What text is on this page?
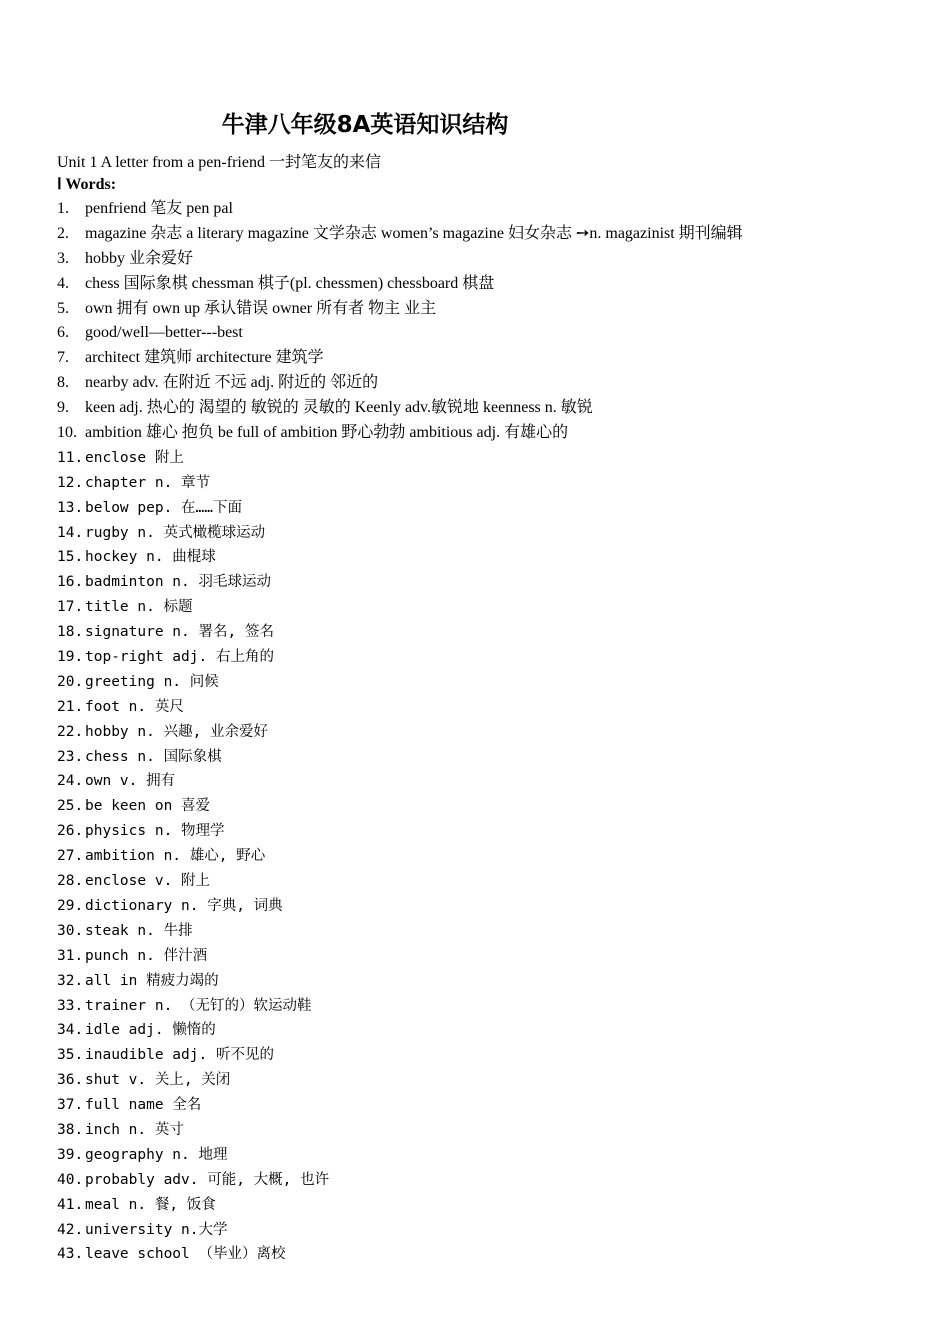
牛津八年级8A英语知识结构
Unit 1 A letter from a pen-friend 一封笔友的来信
Ⅰ Words:
1. penfriend 笔友 pen pal
2. magazine 杂志 a literary magazine 文学杂志 women’s magazine 妇女杂志 ➙n. magazinist 期刊编辑
3. hobby 业余爱好
4. chess 国际象棋 chessman 棋子(pl. chessmen) chessboard 棋盘
5. own 拥有 own up 承认错误 owner 所有者 物主 业主
6. good/well—better---best
7. architect 建筑师 architecture 建筑学
8. nearby adv. 在附近 不远 adj. 附近的 邻近的
9. keen adj. 热心的 渴望的 敏锐的 灵敏的 Keenly adv.敏锐地 keenness n. 敏锐
10. ambition 雄心 抱负 be full of ambition 野心勃勃 ambitious adj. 有雄心的
11. enclose 附上
12. chapter n. 章节
13. below pep. 在……下面
14. rugby n. 英式橄榄球运动
15. hockey n. 曲棍球
16. badminton n. 羽毛球运动
17. title n. 标题
18. signature n. 署名, 签名
19. top-right adj. 右上角的
20. greeting n. 问候
21. foot n. 英尺
22. hobby n. 兴趣, 业余爱好
23. chess n. 国际象棋
24. own v. 拥有
25. be keen on 喜爱
26. physics n. 物理学
27. ambition n. 雄心, 野心
28. enclose v. 附上
29. dictionary n. 字典, 词典
30. steak n. 牛排
31. punch n. 伴汁酒
32. all in 精疲力竭的
33. trainer n. （无钉的）软运动鞋
34. idle adj. 懒惰的
35. inaudible adj. 听不见的
36. shut v. 关上, 关闭
37. full name 全名
38. inch n. 英寸
39. geography n. 地理
40. probably adv. 可能, 大概, 也许
41. meal n. 餐, 饭食
42. university n.大学
43. leave school （毕业）离校
